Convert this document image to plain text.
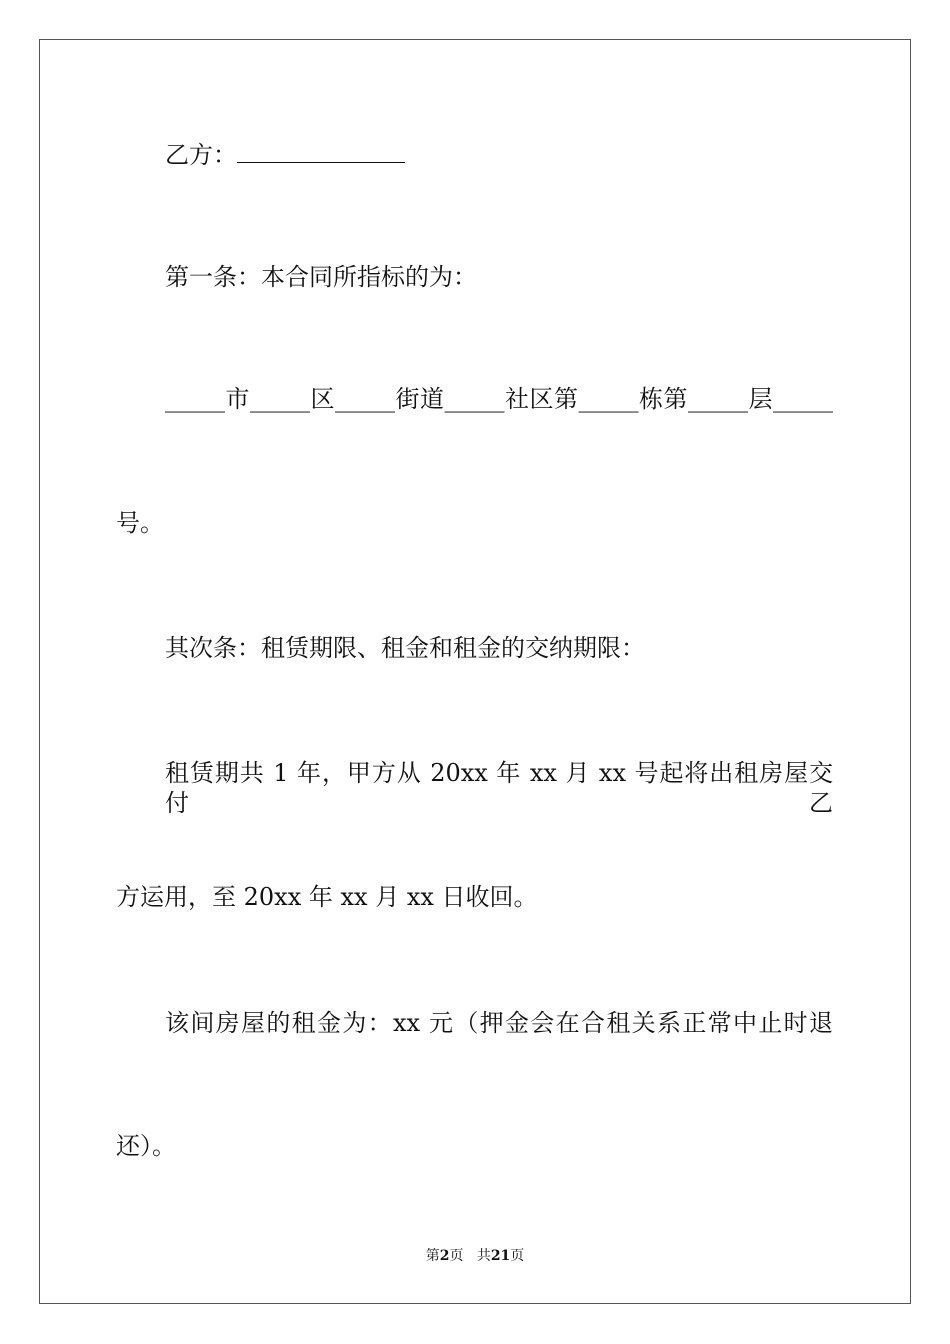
乙方：
第一条：本合同所指标的为：
_____市_____区_____街道_____社区第_____栋第_____层_____
号。
其次条：租赁期限、租金和租金的交纳期限：
租赁期共 1 年，甲方从 20xx 年 xx 月 xx 号起将出租房屋交付乙
方运用，至 20xx 年 xx 月 xx 日收回。
该间房屋的租金为：xx 元（押金会在合租关系正常中止时退
还）。
第2页 共21页
